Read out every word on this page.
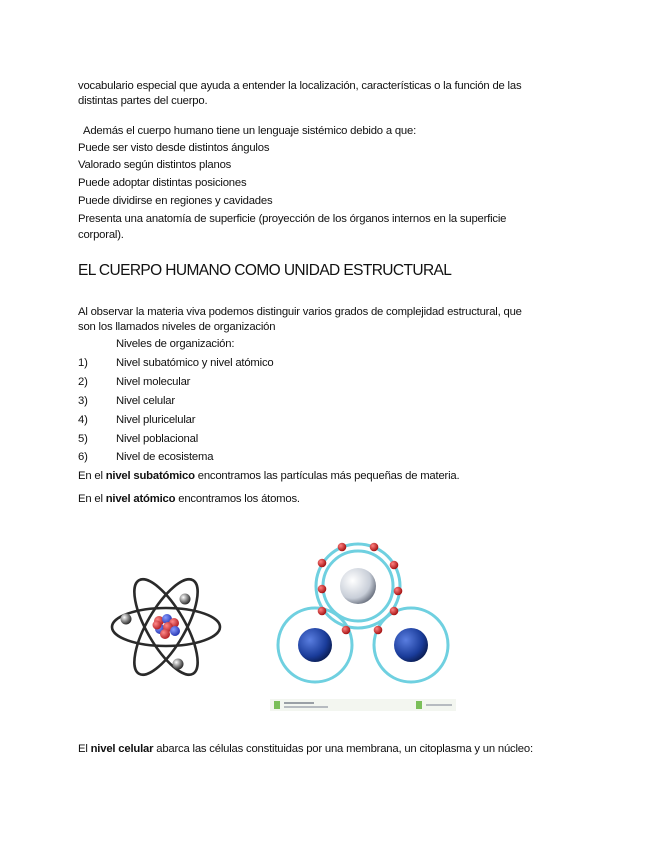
vocabulario especial que ayuda a entender la localización, características o la función de las
distintas partes del cuerpo.
Además el cuerpo humano tiene un lenguaje sistémico debido a que:
Puede ser visto desde distintos ángulos
Valorado según distintos planos
Puede adoptar distintas posiciones
Puede dividirse en regiones y cavidades
Presenta una anatomía de superficie (proyección de los órganos internos en la superficie
corporal).
EL CUERPO HUMANO COMO UNIDAD ESTRUCTURAL
Al observar la materia viva podemos distinguir varios grados de complejidad estructural, que
son los llamados niveles de organización
Niveles de organización:
1)	Nivel subatómico y nivel atómico
2)	Nivel molecular
3)	Nivel celular
4)	Nivel pluricelular
5)	Nivel poblacional
6)	Nivel de ecosistema
En el nivel subatómico encontramos las partículas más pequeñas de materia.
En el nivel atómico encontramos los átomos.
El nivel celular abarca las células constituidas por una membrana, un citoplasma y un núcleo:
